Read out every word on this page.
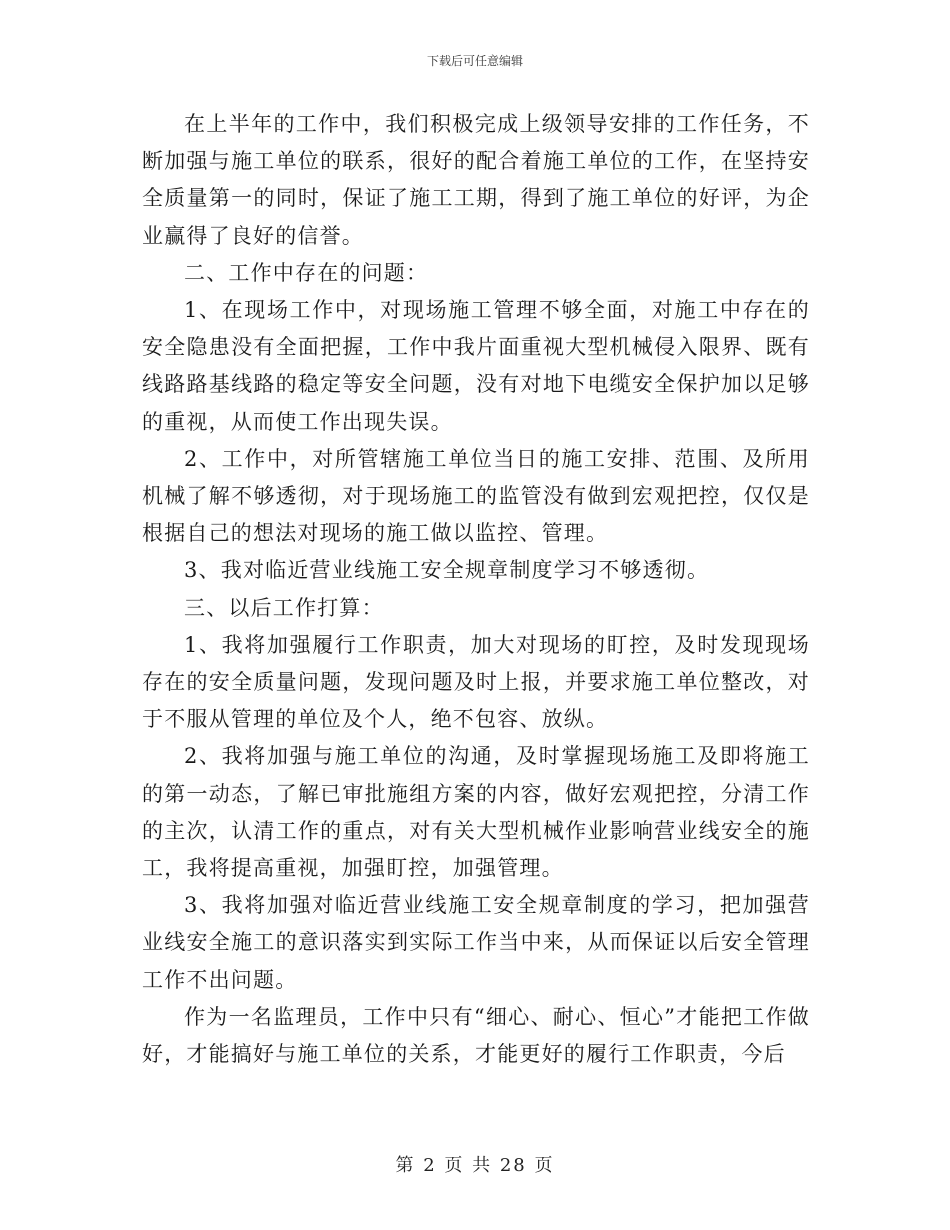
下载后可任意编辑

在上半年的工作中，我们积极完成上级领导安排的工作任务，不断加强与施工单位的联系，很好的配合着施工单位的工作，在坚持安全质量第一的同时，保证了施工工期，得到了施工单位的好评，为企业赢得了良好的信誉。

二、工作中存在的问题：

1、在现场工作中，对现场施工管理不够全面，对施工中存在的安全隐患没有全面把握，工作中我片面重视大型机械侵入限界、既有线路路基线路的稳定等安全问题，没有对地下电缆安全保护加以足够的重视，从而使工作出现失误。

2、工作中，对所管辖施工单位当日的施工安排、范围、及所用机械了解不够透彻，对于现场施工的监管没有做到宏观把控，仅仅是根据自己的想法对现场的施工做以监控、管理。

3、我对临近营业线施工安全规章制度学习不够透彻。

三、以后工作打算：

1、我将加强履行工作职责，加大对现场的盯控，及时发现现场存在的安全质量问题，发现问题及时上报，并要求施工单位整改，对于不服从管理的单位及个人，绝不包容、放纵。

2、我将加强与施工单位的沟通，及时掌握现场施工及即将施工的第一动态，了解已审批施组方案的内容，做好宏观把控，分清工作的主次，认清工作的重点，对有关大型机械作业影响营业线安全的施工，我将提高重视，加强盯控，加强管理。

3、我将加强对临近营业线施工安全规章制度的学习，把加强营业线安全施工的意识落实到实际工作当中来，从而保证以后安全管理工作不出问题。

作为一名监理员，工作中只有“细心、耐心、恒心”才能把工作做好，才能搞好与施工单位的关系，才能更好的履行工作职责，今后

第 2 页 共 28 页
